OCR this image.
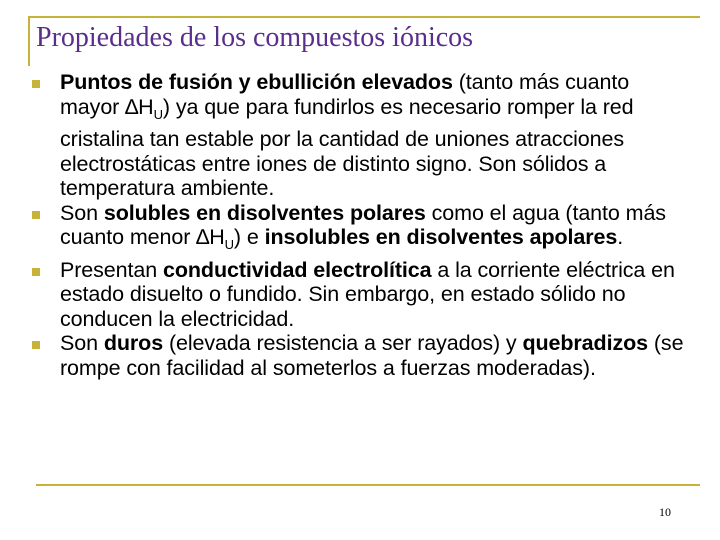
Propiedades de los compuestos iónicos
Puntos de fusión y ebullición elevados (tanto más cuanto mayor $\Delta H_U$) ya que para fundirlos es necesario romper la red cristalina tan estable por la cantidad de uniones atracciones electrostáticas entre iones de distinto signo. Son sólidos a temperatura ambiente.
Son solubles en disolventes polares como el agua (tanto más cuanto menor $\Delta H_U$) e insolubles en disolventes apolares.
Presentan conductividad electrolítica a la corriente eléctrica en estado disuelto o fundido. Sin embargo, en estado sólido no conducen la electricidad.
Son duros (elevada resistencia a ser rayados) y quebradizos (se rompe con facilidad al someterlos a fuerzas moderadas).
10
